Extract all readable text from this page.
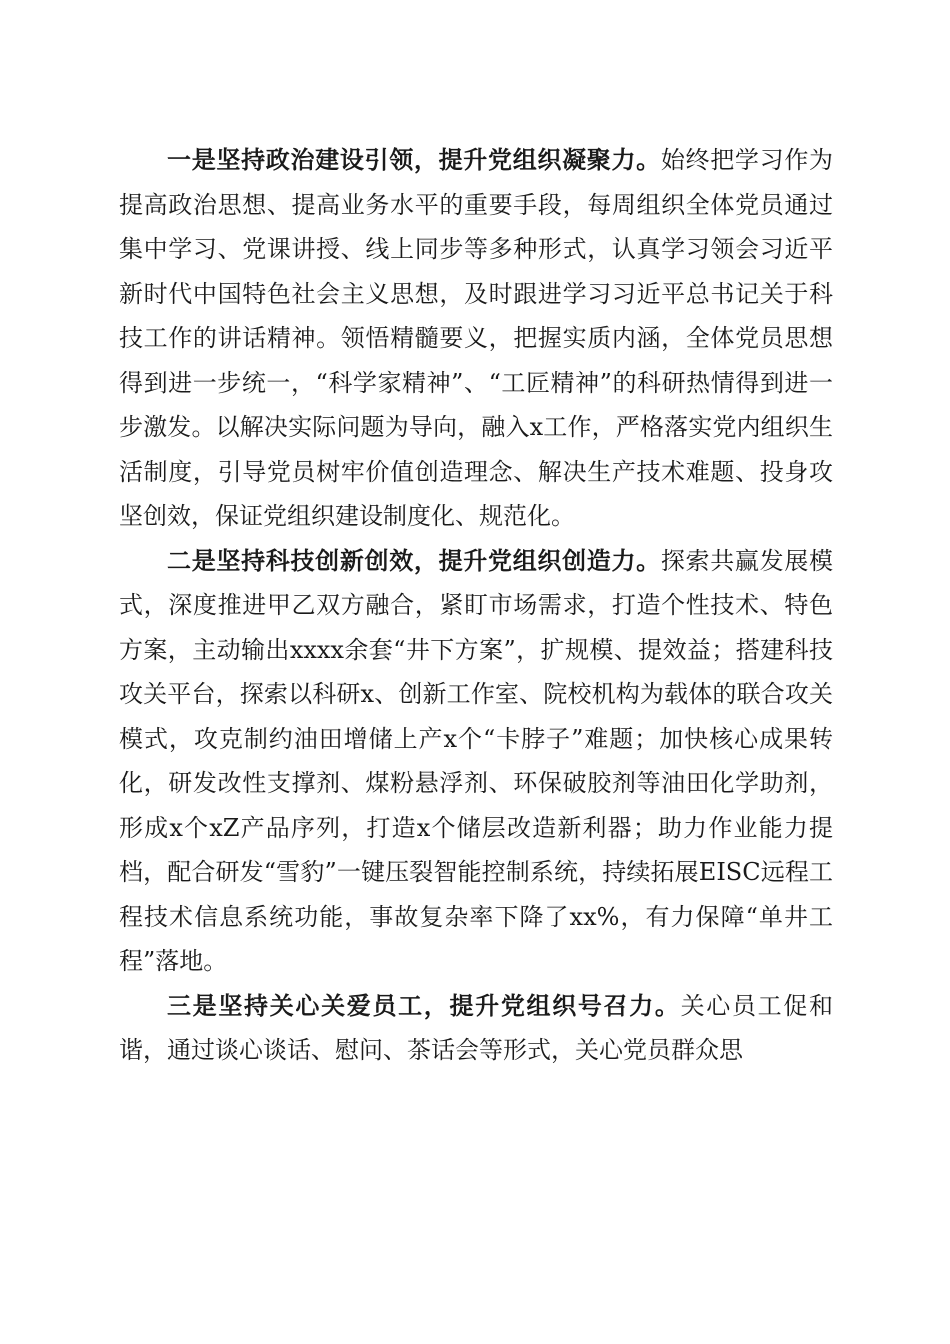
一是坚持政治建设引领，提升党组织凝聚力。始终把学习作为提高政治思想、提高业务水平的重要手段，每周组织全体党员通过集中学习、党课讲授、线上同步等多种形式，认真学习领会习近平新时代中国特色社会主义思想，及时跟进学习习近平总书记关于科技工作的讲话精神。领悟精髓要义，把握实质内涵，全体党员思想得到进一步统一，“科学家精神”、“工匠精神”的科研热情得到进一步激发。以解决实际问题为导向，融入x工作，严格落实党内组织生活制度，引导党员树牢价值创造理念、解决生产技术难题、投身攻坚创效，保证党组织建设制度化、规范化。

二是坚持科技创新创效，提升党组织创造力。探索共赢发展模式，深度推进甲乙双方融合，紧盯市场需求，打造个性技术、特色方案，主动输出xxxx余套“井下方案”，扩规模、提效益；搭建科技攻关平台，探索以科研x、创新工作室、院校机构为载体的联合攻关模式，攻克制约油田增储上产x个“卡脖子”难题；加快核心成果转化，研发改性支撑剂、煤粉悬浮剂、环保破胶剂等油田化学助剂，形成x个xZ产品序列，打造x个储层改造新利器；助力作业能力提档，配合研发“雪豹”一键压裂智能控制系统，持续拓展EISC远程工程技术信息系统功能，事故复杂率下降了xx%，有力保障“单井工程”落地。

三是坚持关心关爱员工，提升党组织号召力。关心员工促和谐，通过谈心谈话、慰问、茶话会等形式，关心党员群众思
